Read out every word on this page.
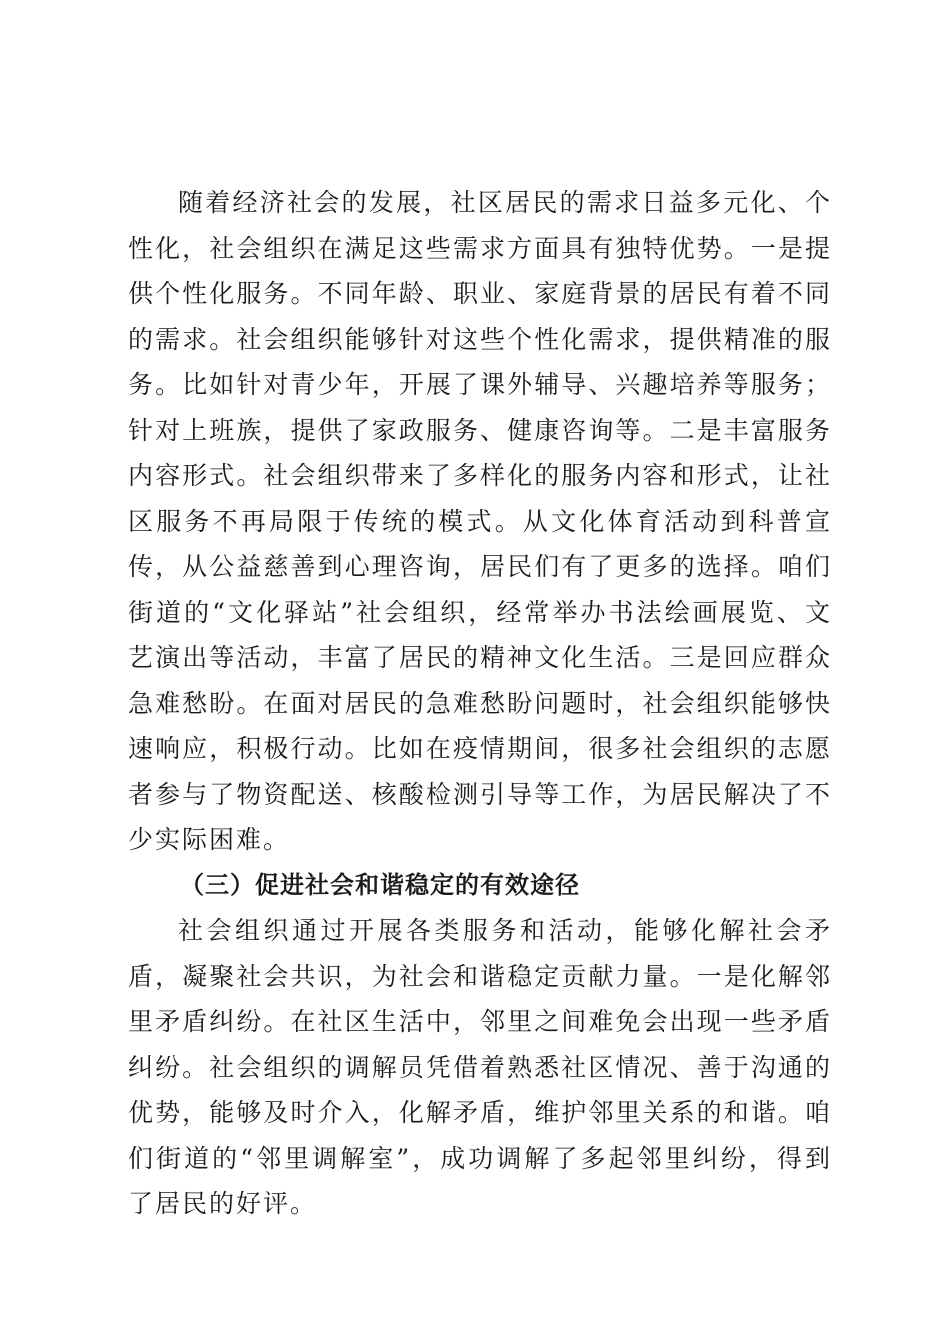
随着经济社会的发展，社区居民的需求日益多元化、个性化，社会组织在满足这些需求方面具有独特优势。一是提供个性化服务。不同年龄、职业、家庭背景的居民有着不同的需求。社会组织能够针对这些个性化需求，提供精准的服务。比如针对青少年，开展了课外辅导、兴趣培养等服务；针对上班族，提供了家政服务、健康咨询等。二是丰富服务内容形式。社会组织带来了多样化的服务内容和形式，让社区服务不再局限于传统的模式。从文化体育活动到科普宣传，从公益慈善到心理咨询，居民们有了更多的选择。咱们街道的“文化驿站”社会组织，经常举办书法绘画展览、文艺演出等活动，丰富了居民的精神文化生活。三是回应群众急难愁盼。在面对居民的急难愁盼问题时，社会组织能够快速响应，积极行动。比如在疫情期间，很多社会组织的志愿者参与了物资配送、核酸检测引导等工作，为居民解决了不少实际困难。

（三）促进社会和谐稳定的有效途径

社会组织通过开展各类服务和活动，能够化解社会矛盾，凝聚社会共识，为社会和谐稳定贡献力量。一是化解邻里矛盾纠纷。在社区生活中，邻里之间难免会出现一些矛盾纠纷。社会组织的调解员凭借着熟悉社区情况、善于沟通的优势，能够及时介入，化解矛盾，维护邻里关系的和谐。咱们街道的“邻里调解室”，成功调解了多起邻里纠纷，得到了居民的好评。
